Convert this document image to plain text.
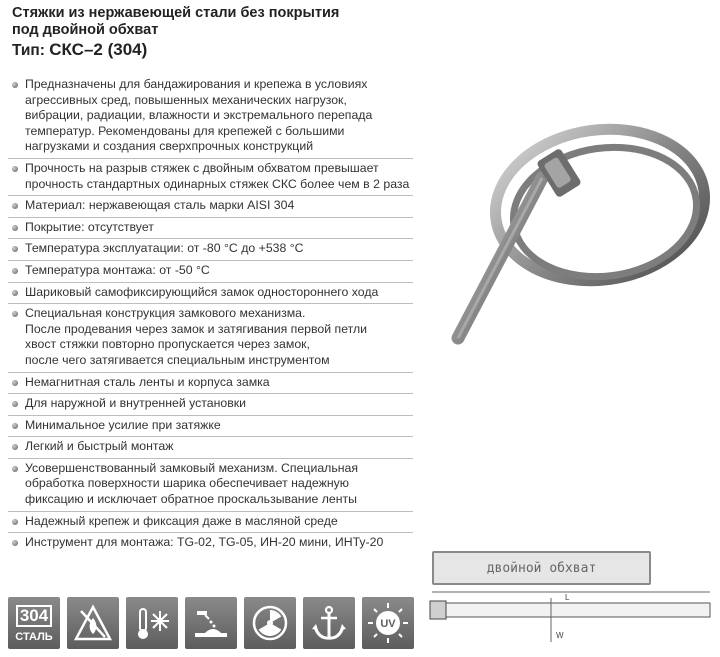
Стяжки из нержавеющей стали без покрытия
под двойной обхват
Тип: СКС–2 (304)
Предназначены для бандажирования и крепежа в условиях
агрессивных сред, повышенных механических нагрузок,
вибрации, радиации, влажности и экстремального перепада
температур. Рекомендованы для крепежей с большими
нагрузками и создания сверхпрочных конструкций
Прочность на разрыв стяжек с двойным обхватом превышает
прочность стандартных одинарных стяжек СКС более чем в 2 раза
Материал: нержавеющая сталь марки AISI 304
Покрытие: отсутствует
Температура эксплуатации: от -80 °C до +538 °C
Температура монтажа: от -50 °C
Шариковый самофиксирующийся замок одностороннего хода
Специальная конструкция замкового механизма.
После продевания через замок и затягивания первой петли
хвост стяжки повторно пропускается через замок,
после чего затягивается специальным инструментом
Немагнитная сталь ленты и корпуса замка
Для наружной и внутренней установки
Минимальное усилие при затяжке
Легкий и быстрый монтаж
Усовершенствованный замковый механизм. Специальная
обработка поверхности шарика обеспечивает надежную
фиксацию и исключает обратное проскальзывание ленты
Надежный крепеж и фиксация даже в масляной среде
Инструмент для монтажа: TG-02, TG-05, ИН-20 мини, ИНТу-20
двойной обхват
L
W
304
СТАЛЬ
UV
